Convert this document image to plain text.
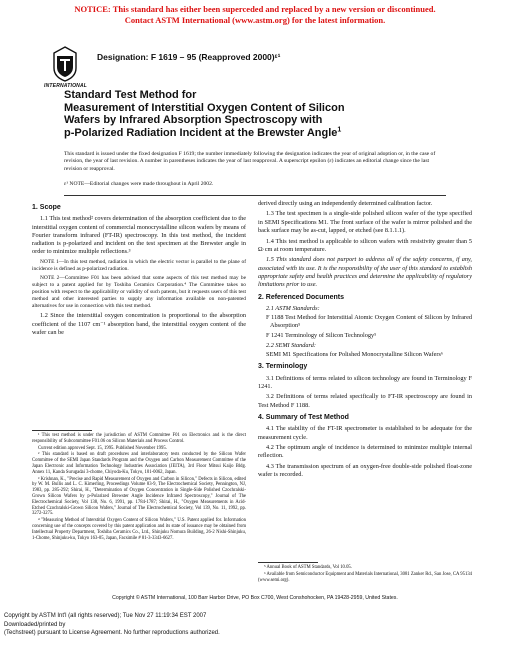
NOTICE: This standard has either been superceded and replaced by a new version or discontinued.
Contact ASTM International (www.astm.org) for the latest information.
INTERNATIONAL
Designation: F 1619 – 95 (Reapproved 2000)ᵋ¹
Standard Test Method for
Measurement of Interstitial Oxygen Content of Silicon
Wafers by Infrared Absorption Spectroscopy with
p-Polarized Radiation Incident at the Brewster Angle$^1$
This standard is issued under the fixed designation F 1619; the number immediately following the designation indicates the year of original adoption or, in the case of revision, the year of last revision. A number in parentheses indicates the year of last reapproval. A superscript epsilon (ε) indicates an editorial change since the last revision or reapproval.
ε¹ NOTE—Editorial changes were made throughout in April 2002.
1. Scope

1.1 This test method² covers determination of the absorption coefficient due to the interstitial oxygen content of commercial monocrystalline silicon wafers by means of Fourier transform infrared (FT-IR) spectroscopy. In this test method, the incident radiation is p-polarized and incident on the test specimen at the Brewster angle in order to minimize multiple reflections.³

NOTE 1—In this test method, radiation in which the electric vector is parallel to the plane of incidence is defined as p-polarized radiation.

NOTE 2—Committee F01 has been advised that some aspects of this test method may be subject to a patent applied for by Toshiba Ceramics Corporation.⁴ The Committee takes no position with respect to the applicability or validity of such patents, but it requests users of this test method and other interested parties to supply any information available on non-patented alternatives for use in connection with this test method.

1.2 Since the interstitial oxygen concentration is proportional to the absorption coefficient of the 1107 cm⁻¹ absorption band, the interstitial oxygen content of the wafer can be

¹ This test method is under the jurisdiction of ASTM Committee F01 on Electronics and is the direct responsibility of Subcommittee F01.06 on Silicon Materials and Process Control.

Current edition approved Sept. 15, 1995. Published November 1995.

² This standard is based on draft procedures and interlaboratory tests conducted by the Silicon Wafer Committee of the SEMI Japan Standards Program and the Oxygen and Carbon Measurement Committee of the Japan Electronic and Information Technology Industries Association (JEITA), 3rd Floor Mitsui Kaijo Bldg. Annex 11, Kanda Surugadai 3-chome, Chiyoda-Ku, Tokyo, 101-0062, Japan.

³ Krishnan, K., "Precise and Rapid Measurement of Oxygen and Carbon in Silicon," Defects in Silicon, edited by W. M. Bullis and L. C. Kimerling, Proceedings Volume 83-9, The Electrochemical Society, Pennington, NJ, 1983, pp. 285-292; Shirai, H., "Determination of Oxygen Concentration in Single-Side Polished Czochralski-Grown Silicon Wafers by p-Polarized Brewster Angle Incidence Infrared Spectroscopy," Journal of The Electrochemical Society, Vol 138, No. 6, 1991, pp. 1784-1787; Shirai, H., "Oxygen Measurements in Acid-Etched Czochralski-Grown Silicon Wafers," Journal of The Electrochemical Society, Vol 139, No. 11, 1992, pp. 3272-3275.

⁴ "Measuring Method of Interstitial Oxygen Content of Silicon Wafers," U.S. Patent applied for. Information concerning use of the concepts covered by this patent application and its state of issuance may be obtained from Intellectual Property Department, Toshiba Ceramics Co., Ltd., Shinjuku Nomura Building, 26-2 Nishi-Shinjuku, 1-Chome, Shinjuku-ku, Tokyo 163-05, Japan, Facsimile # 81-3-3343-6627.

derived directly using an independently determined calibration factor.

1.3 The test specimen is a single-side polished silicon wafer of the type specified in SEMI Specifications M1. The front surface of the wafer is mirror polished and the back surface may be as-cut, lapped, or etched (see 8.1.1.1).

1.4 This test method is applicable to silicon wafers with resistivity greater than 5 Ω·cm at room temperature.

1.5 This standard does not purport to address all of the safety concerns, if any, associated with its use. It is the responsibility of the user of this standard to establish appropriate safety and health practices and determine the applicability of regulatory limitations prior to use.

2. Referenced Documents
2.1 ASTM Standards:
F 1188 Test Method for Interstitial Atomic Oxygen Content of Silicon by Infrared Absorption⁵
F 1241 Terminology of Silicon Technology⁵
2.2 SEMI Standard:
SEMI M1 Specifications for Polished Monocrystalline Silicon Wafers⁶
3. Terminology

3.1 Definitions of terms related to silicon technology are found in Terminology F 1241.

3.2 Definitions of terms related specifically to FT-IR spectroscopy are found in Test Method F 1188.

4. Summary of Test Method

4.1 The stability of the FT-IR spectrometer is established to be adequate for the measurement cycle.

4.2 The optimum angle of incidence is determined to minimize multiple internal reflection.

4.3 The transmission spectrum of an oxygen-free double-side polished float-zone wafer is recorded.

⁵ Annual Book of ASTM Standards, Vol 10.05.

⁶ Available from Semiconductor Equipment and Materials International, 3081 Zanker Rd., San Jose, CA 95134 (www.semi.org).

Copyright © ASTM International, 100 Barr Harbor Drive, PO Box C700, West Conshohocken, PA 19428-2959, United States.
Copyright by ASTM Int'l (all rights reserved); Tue Nov 27 11:19:34 EST 2007
Downloaded/printed by
(Techstreet) pursuant to License Agreement. No further reproductions authorized.
